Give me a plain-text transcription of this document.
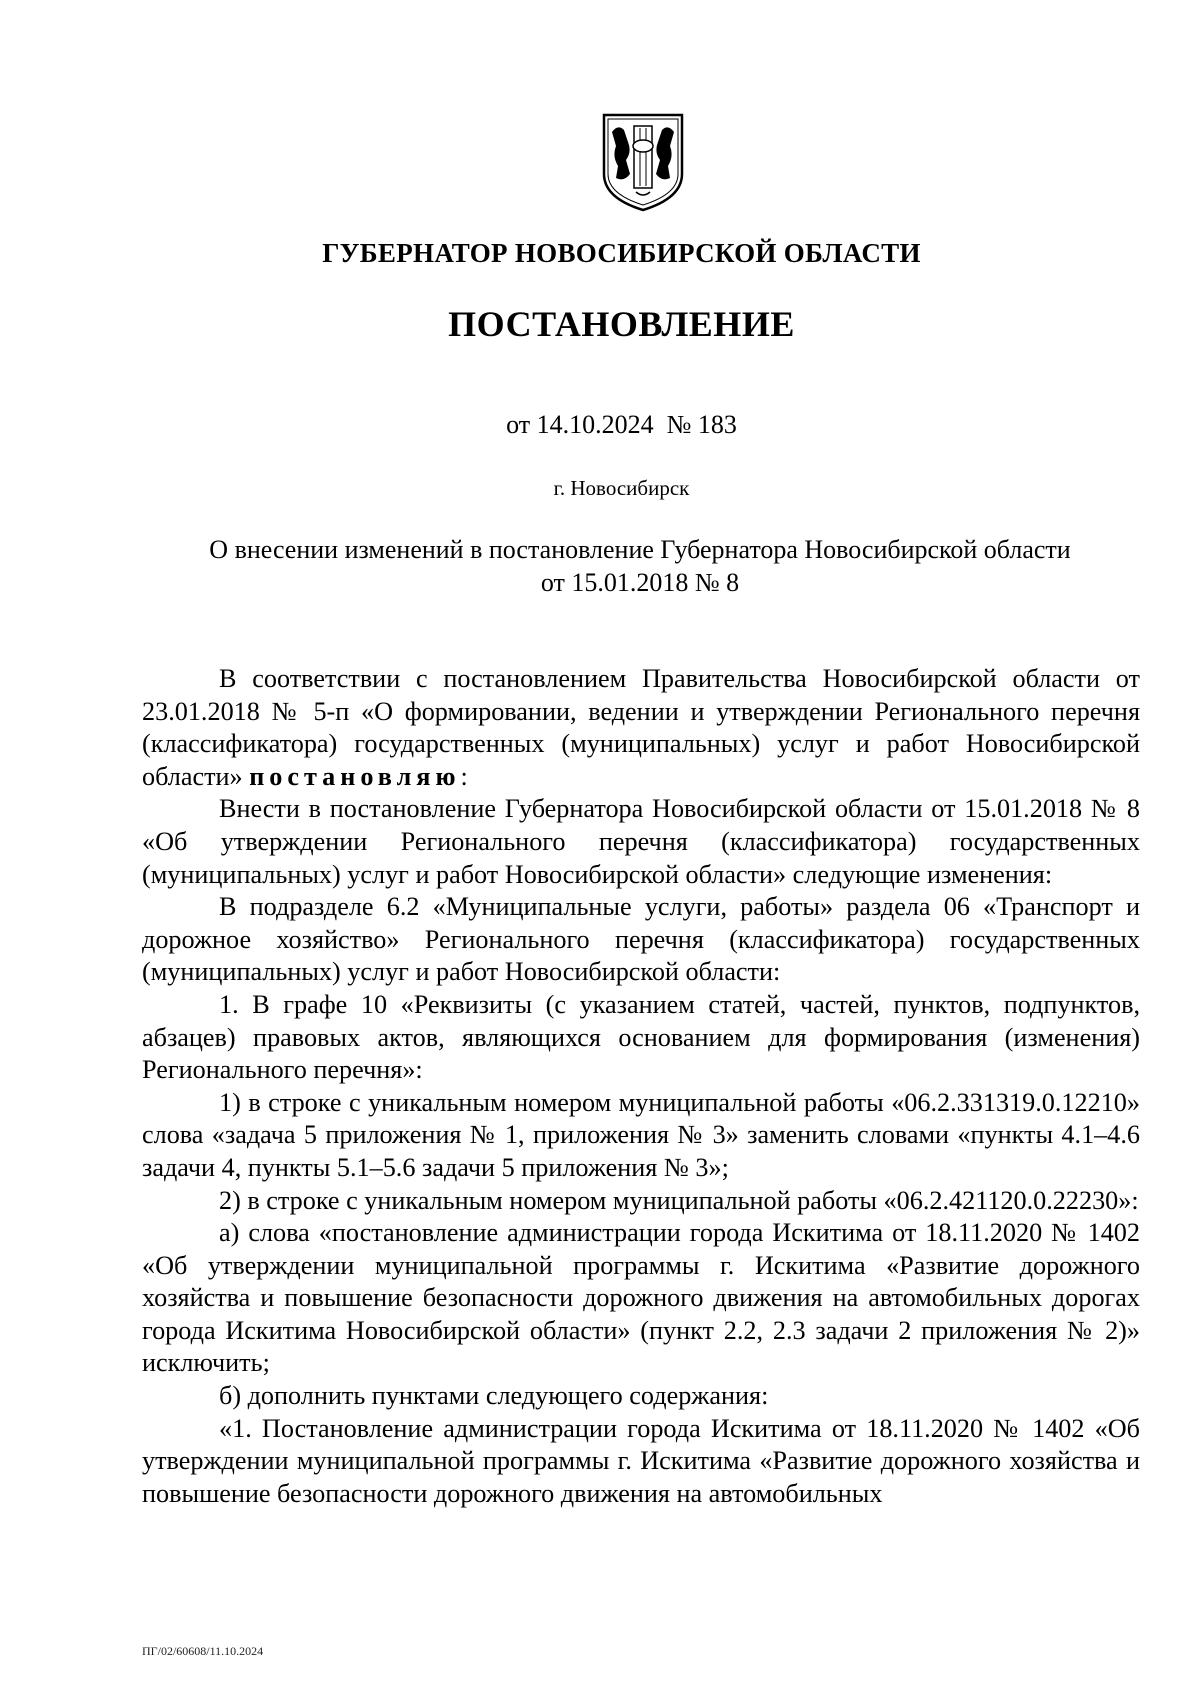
ГУБЕРНАТОР НОВОСИБИРСКОЙ ОБЛАСТИ
ПОСТАНОВЛЕНИЕ
от 14.10.2024  № 183
г. Новосибирск
О внесении изменений в постановление Губернатора Новосибирской области
от 15.01.2018 № 8

В соответствии с постановлением Правительства Новосибирской области от 23.01.2018 № 5-п «О формировании, ведении и утверждении Регионального перечня (классификатора) государственных (муниципальных) услуг и работ Новосибирской области» постановляю:

Внести в постановление Губернатора Новосибирской области от 15.01.2018 № 8 «Об утверждении Регионального перечня (классификатора) государственных (муниципальных) услуг и работ Новосибирской области» следующие изменения:

В подразделе 6.2 «Муниципальные услуги, работы» раздела 06 «Транспорт и дорожное хозяйство» Регионального перечня (классификатора) государственных (муниципальных) услуг и работ Новосибирской области:

1. В графе 10 «Реквизиты (с указанием статей, частей, пунктов, подпунктов, абзацев) правовых актов, являющихся основанием для формирования (изменения) Регионального перечня»:

1) в строке с уникальным номером муниципальной работы «06.2.331319.0.12210» слова «задача 5 приложения № 1, приложения № 3» заменить словами «пункты 4.1–4.6 задачи 4, пункты 5.1–5.6 задачи 5 приложения № 3»;

2) в строке с уникальным номером муниципальной работы «06.2.421120.0.22230»:

а) слова «постановление администрации города Искитима от 18.11.2020 № 1402 «Об утверждении муниципальной программы г. Искитима «Развитие дорожного хозяйства и повышение безопасности дорожного движения на автомобильных дорогах города Искитима Новосибирской области» (пункт 2.2, 2.3 задачи 2 приложения № 2)» исключить;

б) дополнить пунктами следующего содержания:

«1. Постановление администрации города Искитима от 18.11.2020 № 1402 «Об утверждении муниципальной программы г. Искитима «Развитие дорожного хозяйства и повышение безопасности дорожного движения на автомобильных

ПГ/02/60608/11.10.2024
